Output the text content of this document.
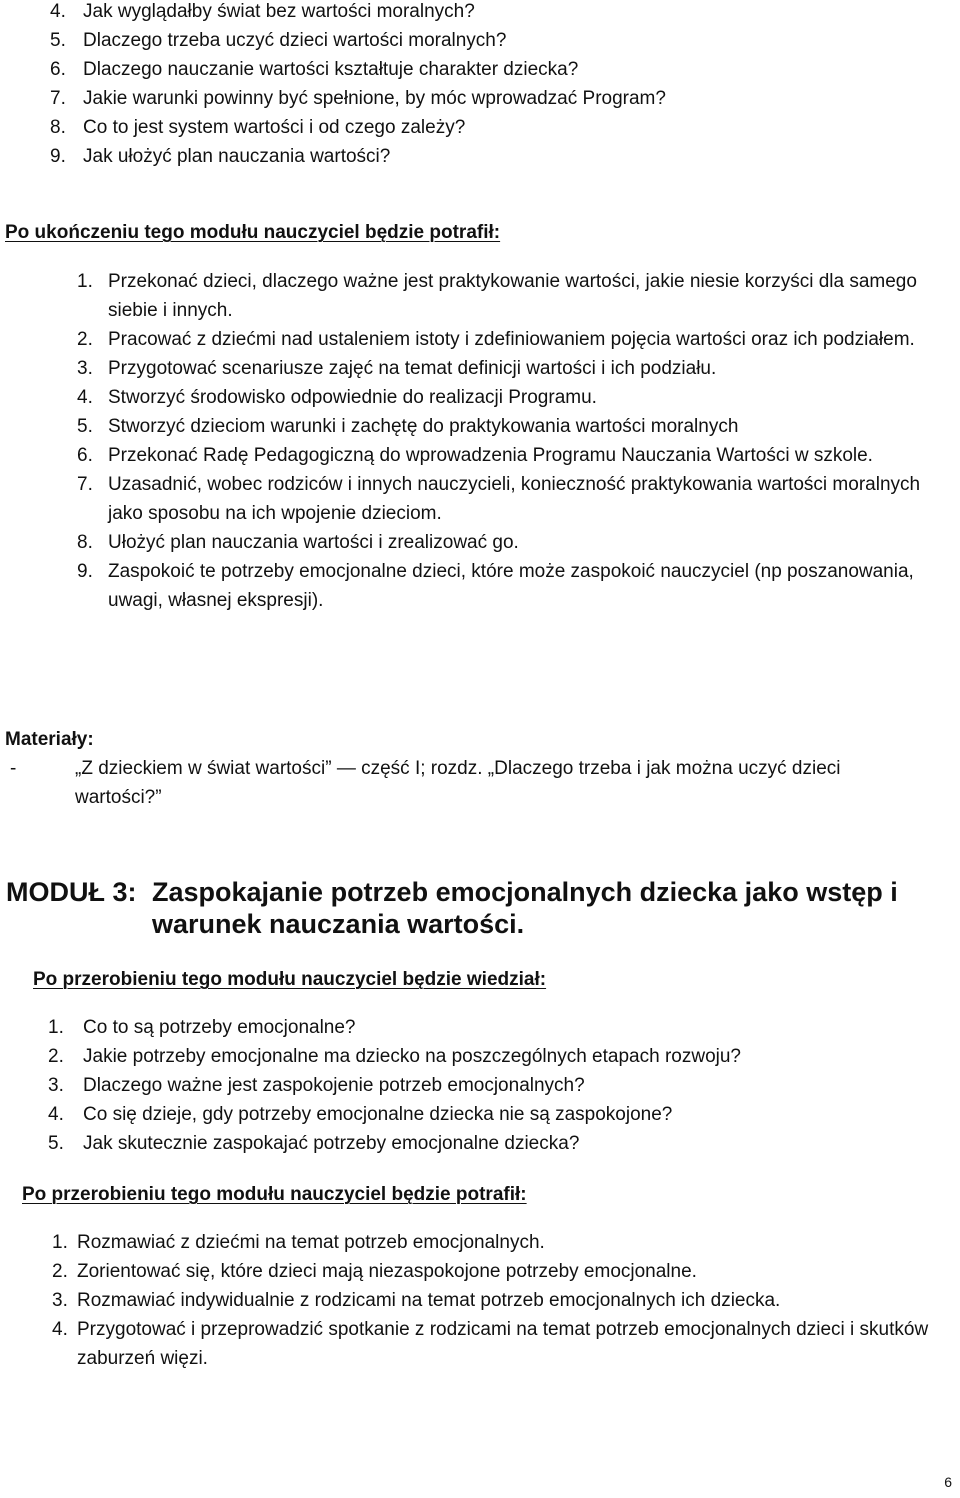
4. Jak wyglądałby świat bez wartości moralnych?
5. Dlaczego trzeba uczyć dzieci wartości moralnych?
6. Dlaczego nauczanie wartości kształtuje charakter dziecka?
7. Jakie warunki powinny być spełnione, by móc wprowadzać Program?
8. Co to jest system wartości i od czego zależy?
9. Jak ułożyć plan nauczania wartości?
Po ukończeniu tego modułu nauczyciel będzie potrafił:
1. Przekonać dzieci, dlaczego ważne jest praktykowanie wartości, jakie niesie korzyści dla samego siebie i innych.
2. Pracować z dziećmi nad ustaleniem istoty i zdefiniowaniem pojęcia wartości oraz ich podziałem.
3. Przygotować scenariusze zajęć na temat definicji wartości i ich podziału.
4. Stworzyć środowisko odpowiednie do realizacji Programu.
5. Stworzyć dzieciom warunki i zachętę do praktykowania wartości moralnych
6. Przekonać Radę Pedagogiczną do wprowadzenia Programu Nauczania Wartości w szkole.
7. Uzasadnić, wobec rodziców i innych nauczycieli, konieczność praktykowania wartości moralnych jako sposobu na ich wpojenie dzieciom.
8. Ułożyć plan nauczania wartości i zrealizować go.
9. Zaspokoić te potrzeby emocjonalne dzieci, które może zaspokoić nauczyciel (np poszanowania, uwagi, własnej ekspresji).
Materiały:
-	„Z dzieckiem w świat wartości” — część I; rozdz. „Dlaczego trzeba i jak można uczyć dzieci wartości?”
MODUŁ 3: Zaspokajanie potrzeb emocjonalnych dziecka jako wstęp i warunek nauczania wartości.
Po przerobieniu tego modułu nauczyciel będzie wiedział:
1. Co to są potrzeby emocjonalne?
2. Jakie potrzeby emocjonalne ma dziecko na poszczególnych etapach rozwoju?
3. Dlaczego ważne jest zaspokojenie potrzeb emocjonalnych?
4. Co się dzieje, gdy potrzeby emocjonalne dziecka nie są zaspokojone?
5. Jak skutecznie zaspokajać potrzeby emocjonalne dziecka?
Po przerobieniu tego modułu nauczyciel będzie potrafił:
1. Rozmawiać z dziećmi na temat potrzeb emocjonalnych.
2. Zorientować się, które dzieci mają niezaspokojone potrzeby emocjonalne.
3. Rozmawiać indywidualnie z rodzicami na temat potrzeb emocjonalnych ich dziecka.
4. Przygotować i przeprowadzić spotkanie z rodzicami na temat potrzeb emocjonalnych dzieci i skutków zaburzeń więzi.
6
